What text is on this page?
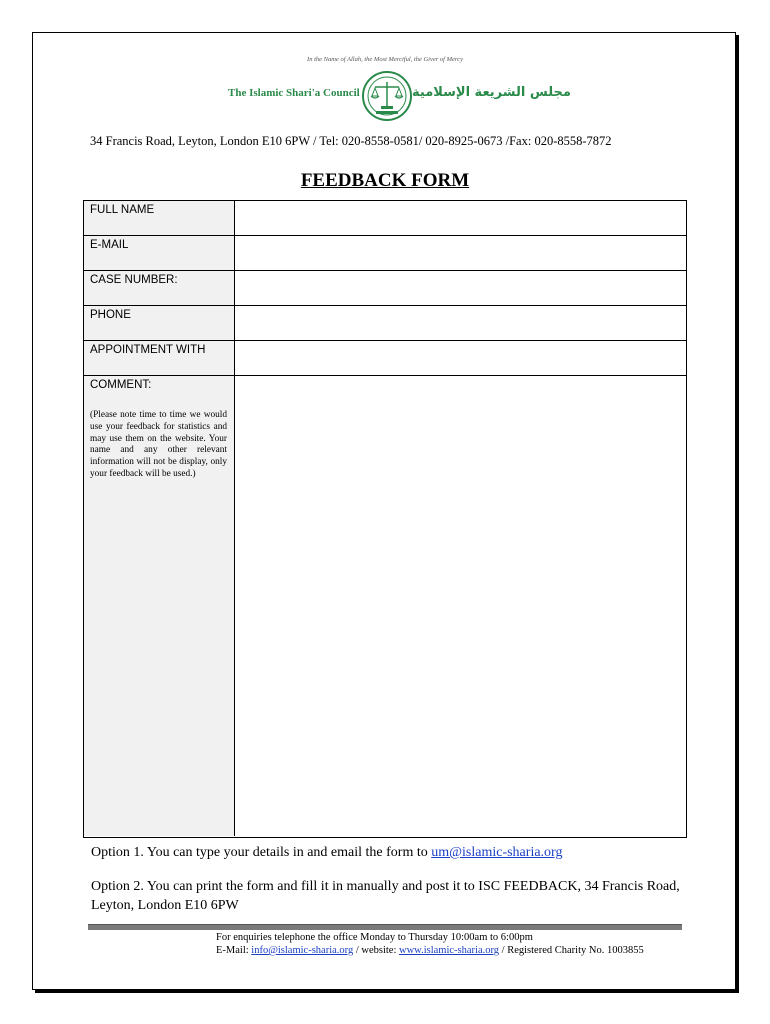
In the Name of Allah, the Most Merciful, the Giver of Mercy
The Islamic Shari'a Council	مجلس الشريعة الإسلامية
34 Francis Road, Leyton, London E10 6PW / Tel: 020-8558-0581/ 020-8925-0673 /Fax: 020-8558-7872
FEEDBACK FORM
FULL NAME
E-MAIL
CASE NUMBER:
PHONE
APPOINTMENT WITH
COMMENT:
(Please note time to time we would use your feedback for statistics and may use them on the website. Your name and any other relevant information will not be display, only your feedback will be used.)
Option 1. You can type your details in and email the form to um@islamic-sharia.org
Option 2. You can print the form and fill it in manually and post it to ISC FEEDBACK, 34 Francis Road, Leyton, London E10 6PW
For enquiries telephone the office Monday to Thursday 10:00am to 6:00pm
E-Mail: info@islamic-sharia.org / website: www.islamic-sharia.org / Registered Charity No. 1003855
